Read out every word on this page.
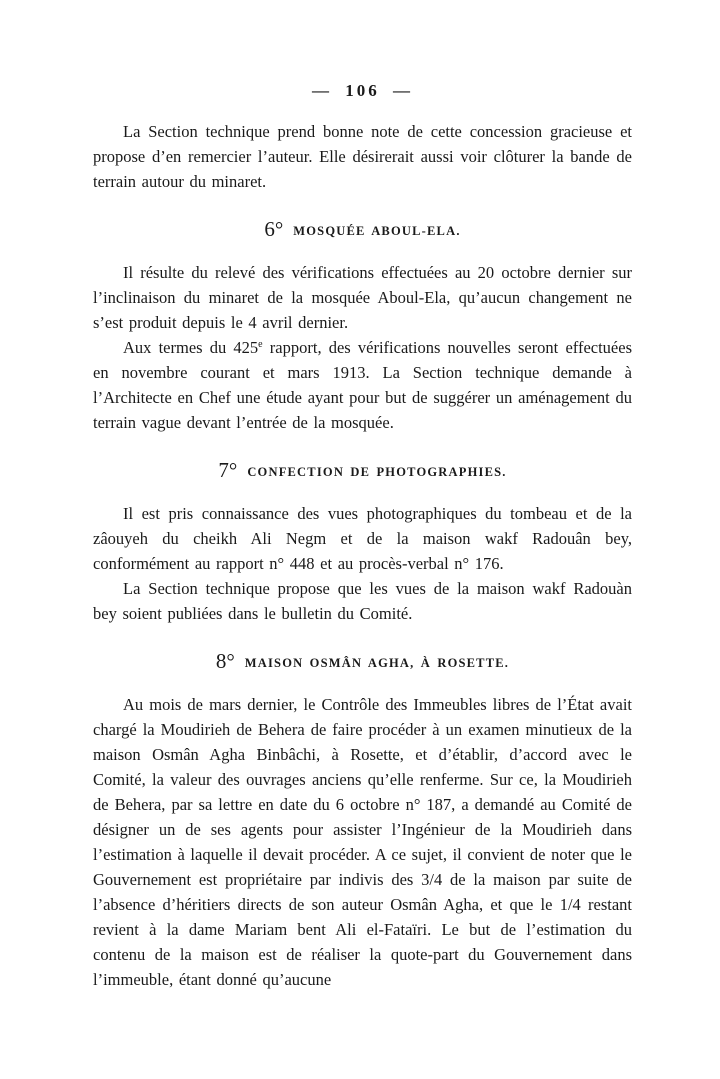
— 106 —

La Section technique prend bonne note de cette concession gracieuse et propose d’en remercier l’auteur. Elle désirerait aussi voir clôturer la bande de terrain autour du minaret.

6° MOSQUÉE ABOUL-ELA.

Il résulte du relevé des vérifications effectuées au 20 octobre dernier sur l’inclinaison du minaret de la mosquée Aboul-Ela, qu’aucun changement ne s’est produit depuis le 4 avril dernier.

Aux termes du 425e rapport, des vérifications nouvelles seront effectuées en novembre courant et mars 1913. La Section technique demande à l’Architecte en Chef une étude ayant pour but de suggérer un aménagement du terrain vague devant l’entrée de la mosquée.

7° CONFECTION DE PHOTOGRAPHIES.

Il est pris connaissance des vues photographiques du tombeau et de la zâouyeh du cheikh Ali Negm et de la maison wakf Radouân bey, conformément au rapport n° 448 et au procès-verbal n° 176.

La Section technique propose que les vues de la maison wakf Radouàn bey soient publiées dans le bulletin du Comité.

8° MAISON OSMÂN AGHA, À ROSETTE.

Au mois de mars dernier, le Contrôle des Immeubles libres de l’État avait chargé la Moudirieh de Behera de faire procéder à un examen minutieux de la maison Osmân Agha Binbâchi, à Rosette, et d’établir, d’accord avec le Comité, la valeur des ouvrages anciens qu’elle renferme. Sur ce, la Moudirieh de Behera, par sa lettre en date du 6 octobre n° 187, a demandé au Comité de désigner un de ses agents pour assister l’Ingénieur de la Moudirieh dans l’estimation à laquelle il devait procéder. A ce sujet, il convient de noter que le Gouvernement est propriétaire par indivis des 3/4 de la maison par suite de l’absence d’héritiers directs de son auteur Osmân Agha, et que le 1/4 restant revient à la dame Mariam bent Ali el-Fataïri. Le but de l’estimation du contenu de la maison est de réaliser la quote-part du Gouvernement dans l’immeuble, étant donné qu’aucune
